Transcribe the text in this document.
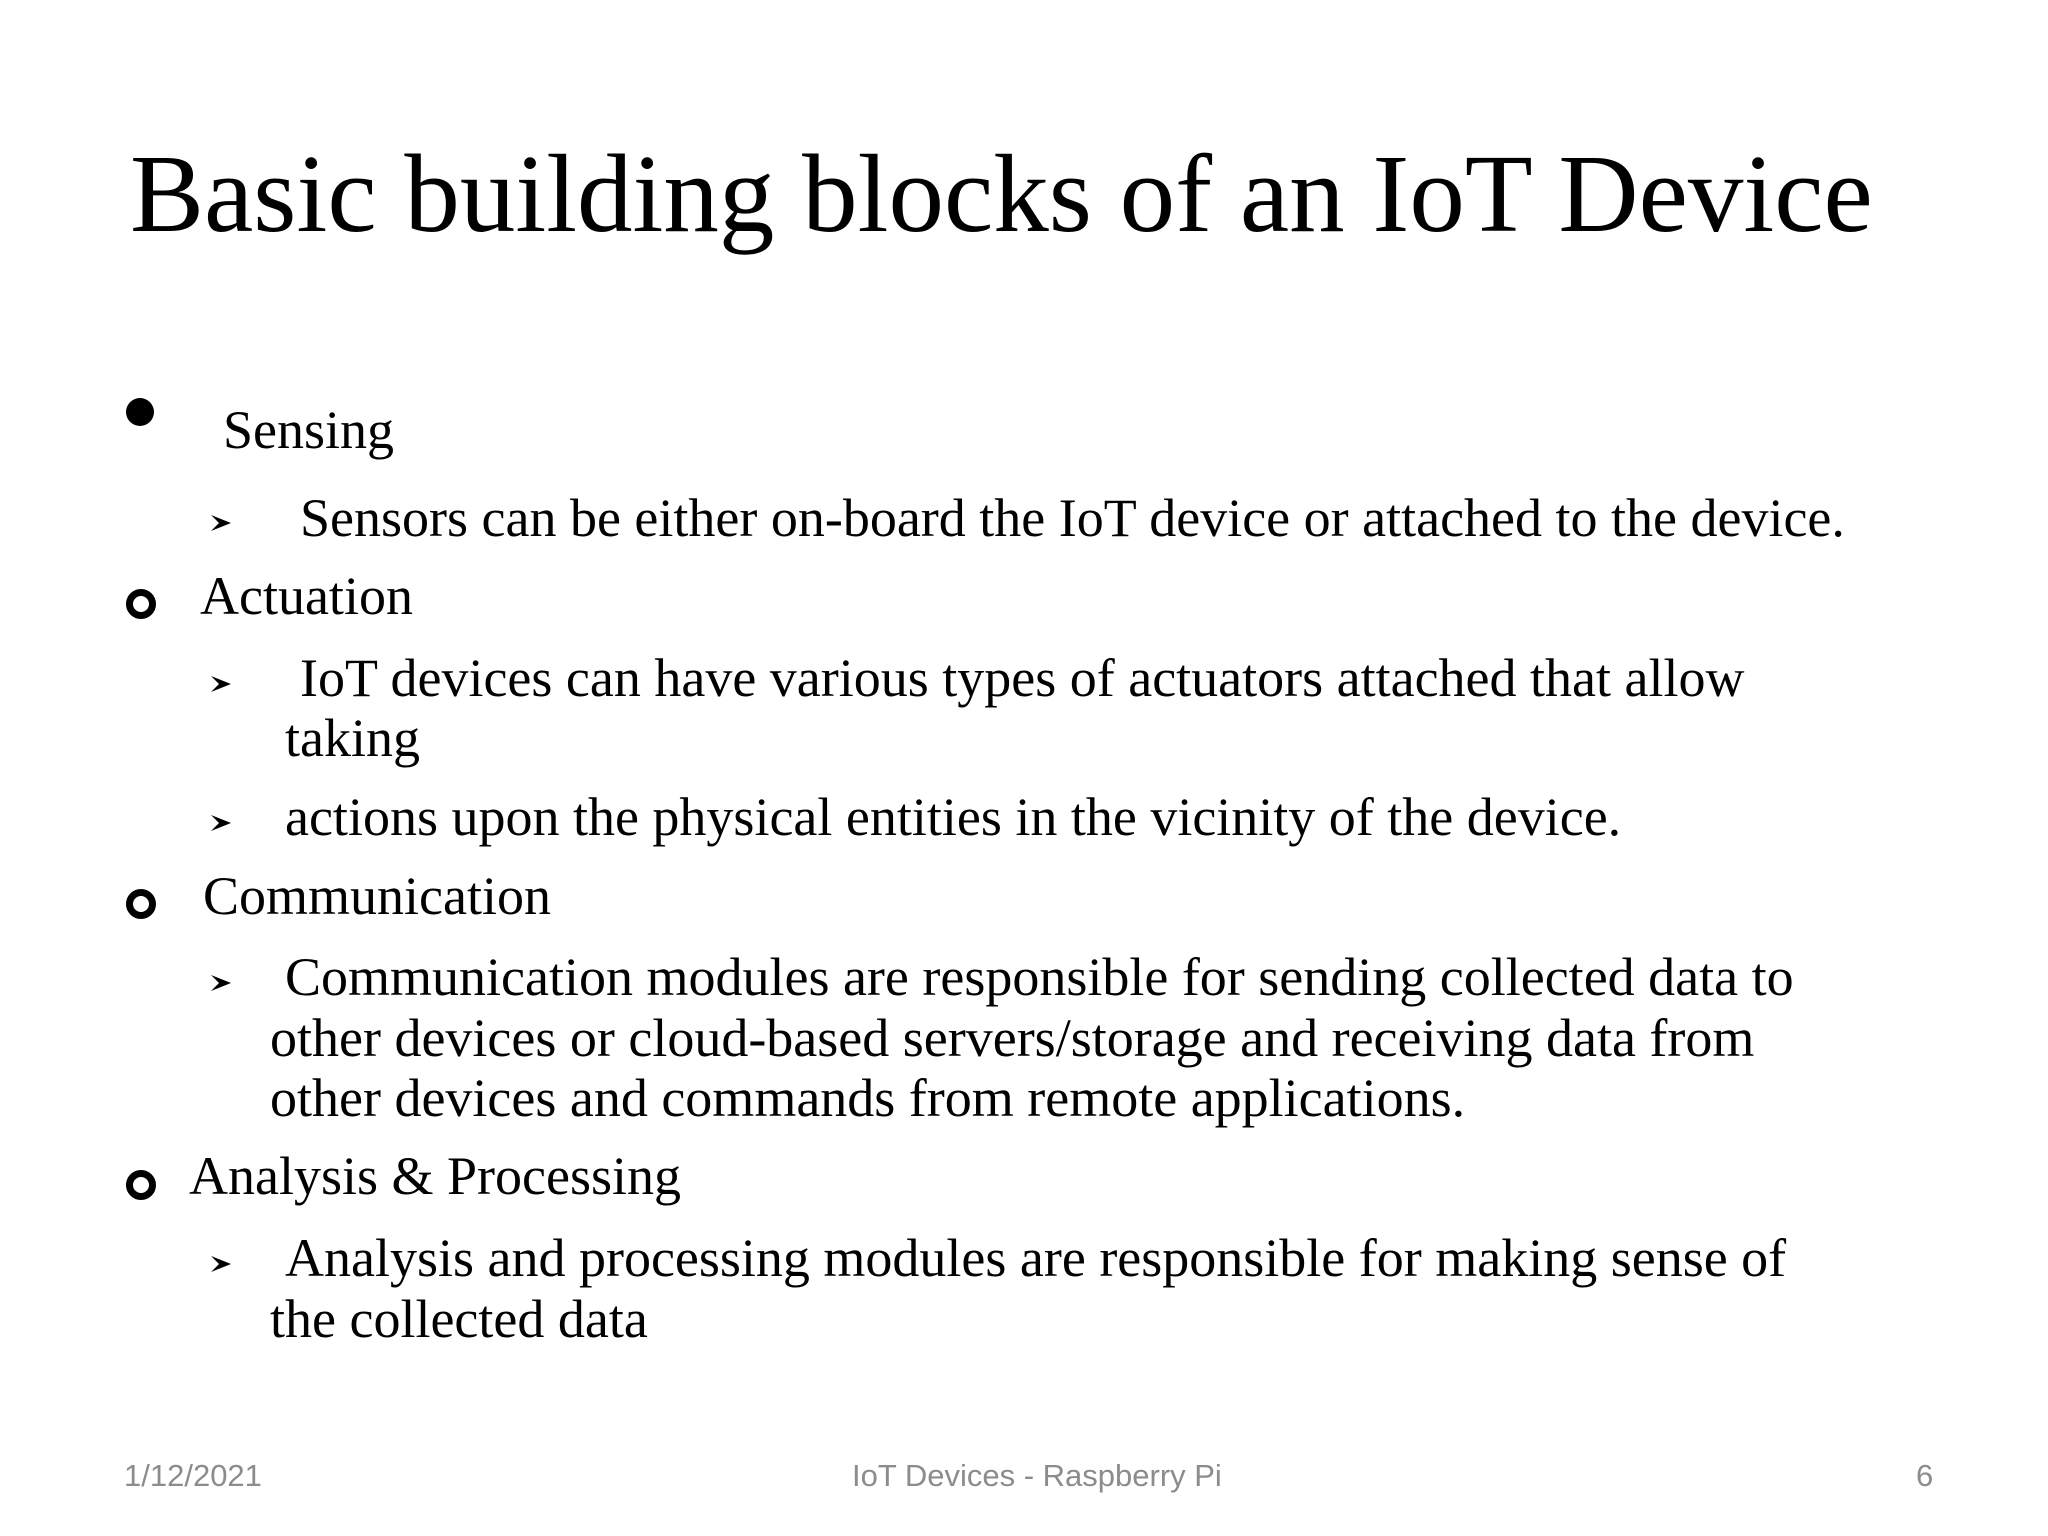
Basic building blocks of an IoT Device
Sensing
Sensors can be either on-board the IoT device or attached to the device.
Actuation
IoT devices can have various types of actuators attached that allow
taking
actions upon the physical entities in the vicinity of the device.
Communication
Communication modules are responsible for sending collected data to
other devices or cloud-based servers/storage and receiving data from
other devices and commands from remote applications.
Analysis & Processing
Analysis and processing modules are responsible for making sense of
the collected data
1/12/2021	IoT Devices - Raspberry Pi	6
